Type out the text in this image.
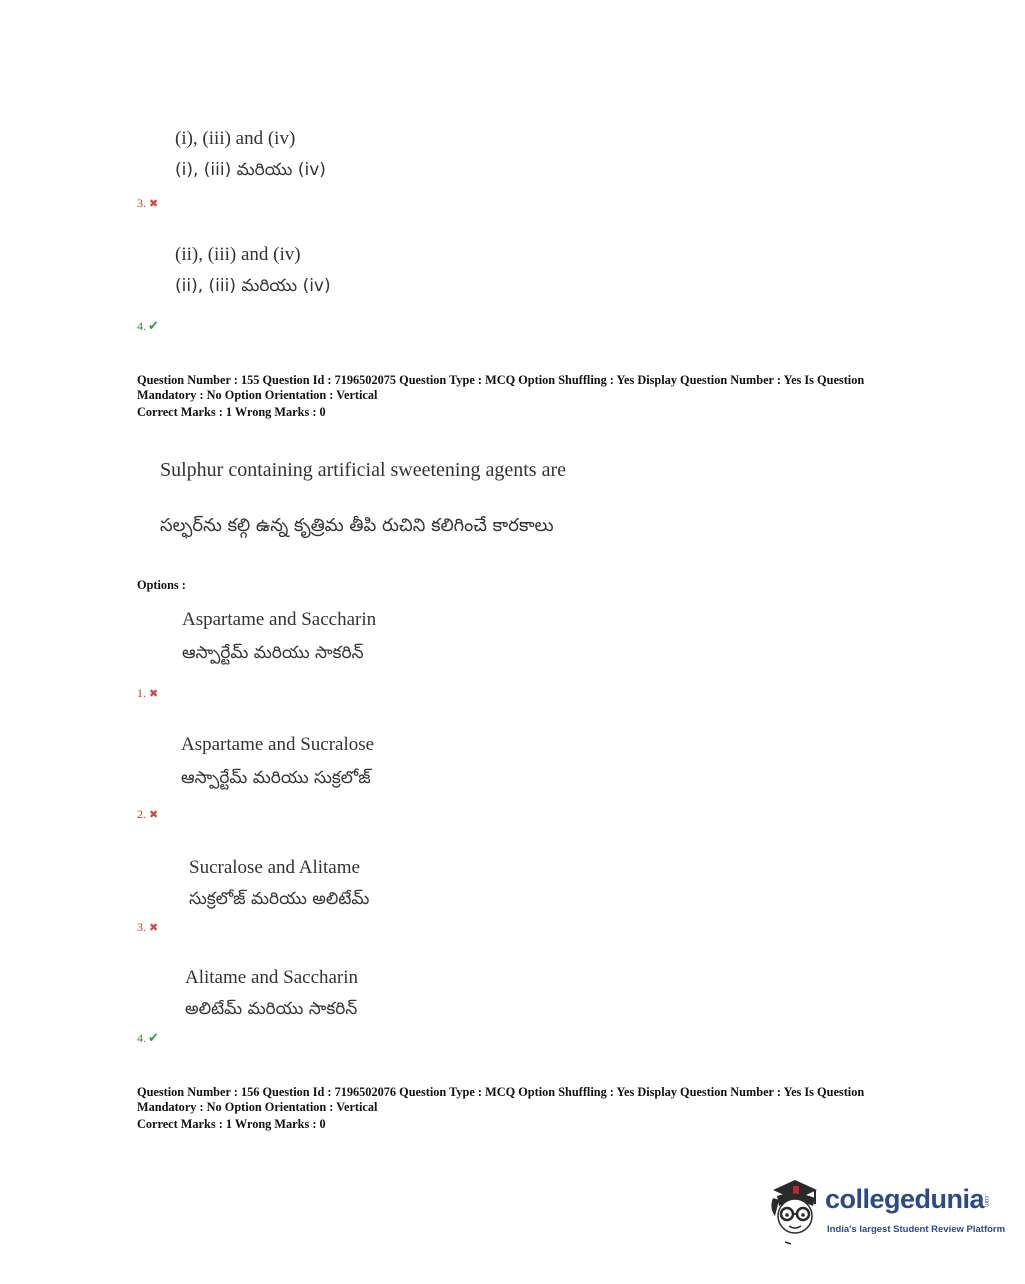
(i), (iii) and (iv)
(i), (iii) మరియు (iv)
3. ✖
(ii), (iii) and (iv)
(ii), (iii) మరియు (iv)
4. ✔
Question Number : 155 Question Id : 7196502075 Question Type : MCQ Option Shuffling : Yes Display Question Number : Yes Is Question Mandatory : No Option Orientation : Vertical
Correct Marks : 1 Wrong Marks : 0
Sulphur containing artificial sweetening agents are
సల్ఫర్‌ను కల్గి ఉన్న కృత్రిమ తీపి రుచిని కలిగించే కారకాలు
Options :
Aspartame and Saccharin
ఆస్పార్టేమ్ మరియు సాకరిన్
1. ✖
Aspartame and Sucralose
ఆస్పార్టేమ్ మరియు సుక్రలోజ్
2. ✖
Sucralose and Alitame
సుక్రలోజ్ మరియు అలిటేమ్
3. ✖
Alitame and Saccharin
అలిటేమ్ మరియు సాకరిన్
4. ✔
Question Number : 156 Question Id : 7196502076 Question Type : MCQ Option Shuffling : Yes Display Question Number : Yes Is Question Mandatory : No Option Orientation : Vertical
Correct Marks : 1 Wrong Marks : 0
collegedunia
.com
India's largest Student Review Platform
